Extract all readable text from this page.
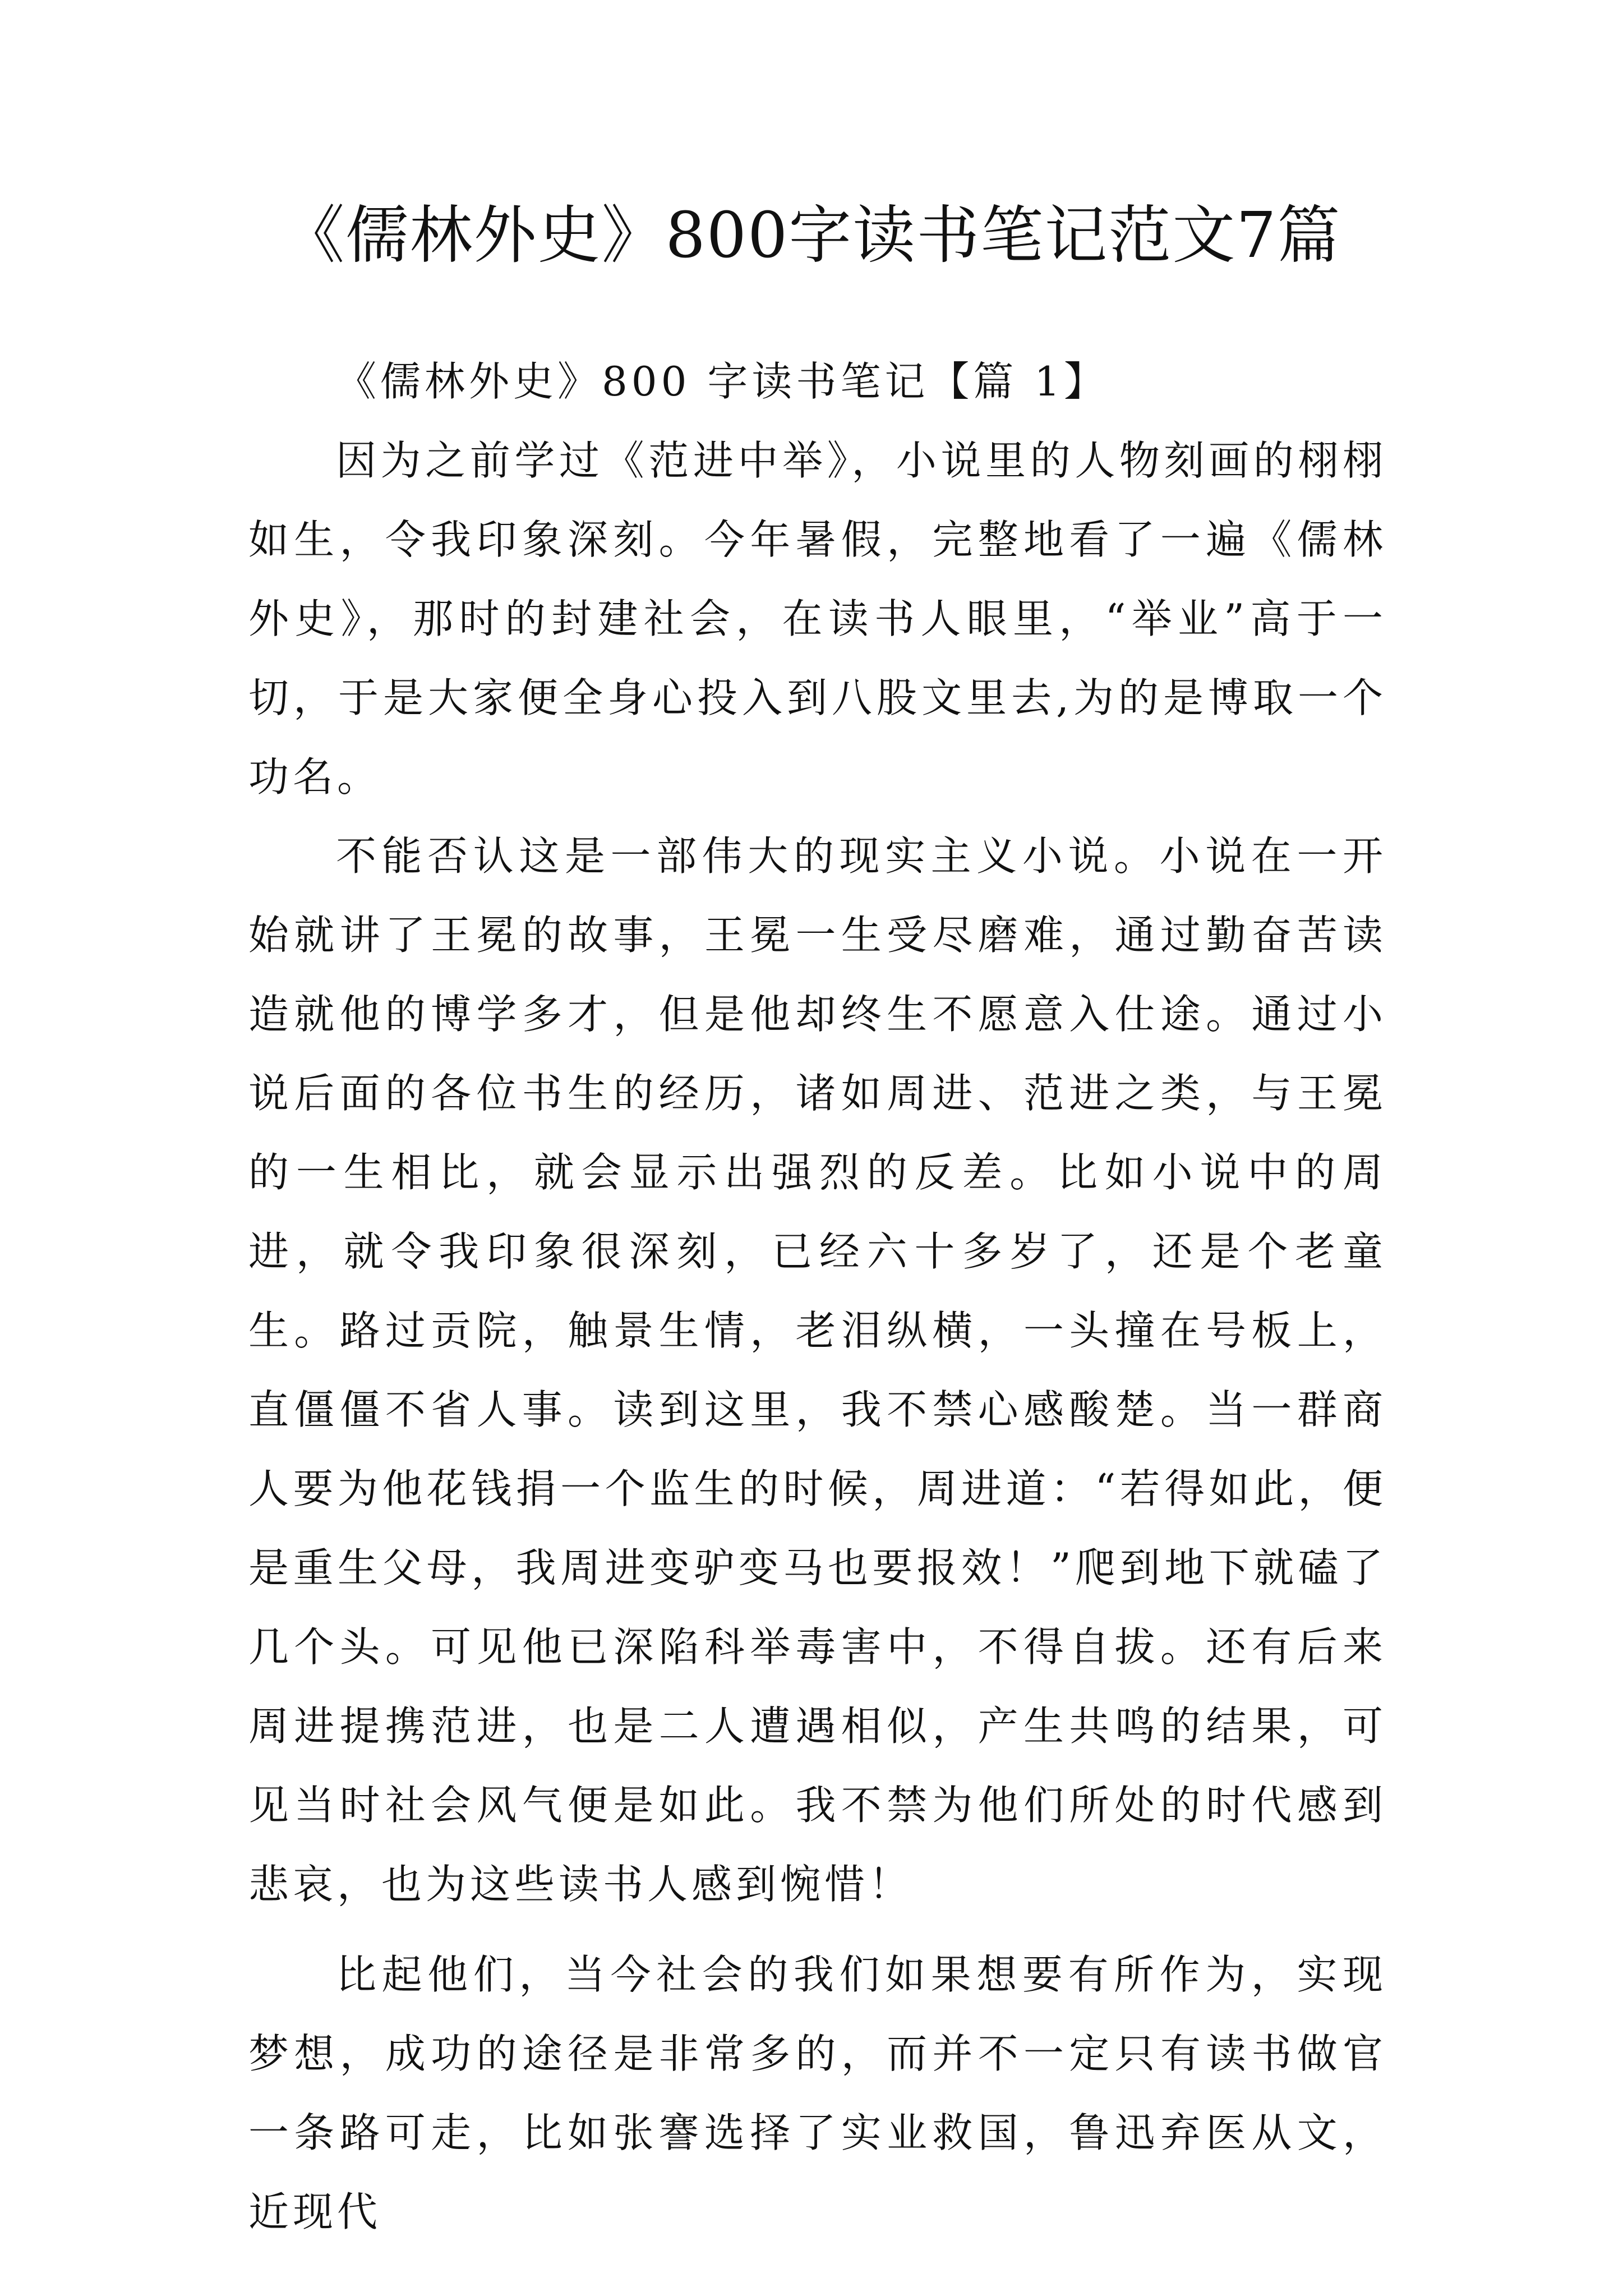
《儒林外史》800字读书笔记范文7篇

《儒林外史》800 字读书笔记【篇 1】

因为之前学过《范进中举》，小说里的人物刻画的栩栩如生，令我印象深刻。今年暑假，完整地看了一遍《儒林外史》，那时的封建社会，在读书人眼里，“举业”高于一切，于是大家便全身心投入到八股文里去,为的是博取一个功名。

不能否认这是一部伟大的现实主义小说。小说在一开始就讲了王冕的故事，王冕一生受尽磨难，通过勤奋苦读造就他的博学多才，但是他却终生不愿意入仕途。通过小说后面的各位书生的经历，诸如周进、范进之类，与王冕的一生相比，就会显示出强烈的反差。比如小说中的周进，就令我印象很深刻，已经六十多岁了，还是个老童生。路过贡院，触景生情，老泪纵横，一头撞在号板上，直僵僵不省人事。读到这里，我不禁心感酸楚。当一群商人要为他花钱捐一个监生的时候，周进道：“若得如此，便是重生父母，我周进变驴变马也要报效！”爬到地下就磕了几个头。可见他已深陷科举毒害中，不得自拔。还有后来周进提携范进，也是二人遭遇相似，产生共鸣的结果，可见当时社会风气便是如此。我不禁为他们所处的时代感到悲哀，也为这些读书人感到惋惜！

比起他们，当今社会的我们如果想要有所作为，实现梦想，成功的途径是非常多的，而并不一定只有读书做官一条路可走，比如张謇选择了实业救国，鲁迅弃医从文，近现代
